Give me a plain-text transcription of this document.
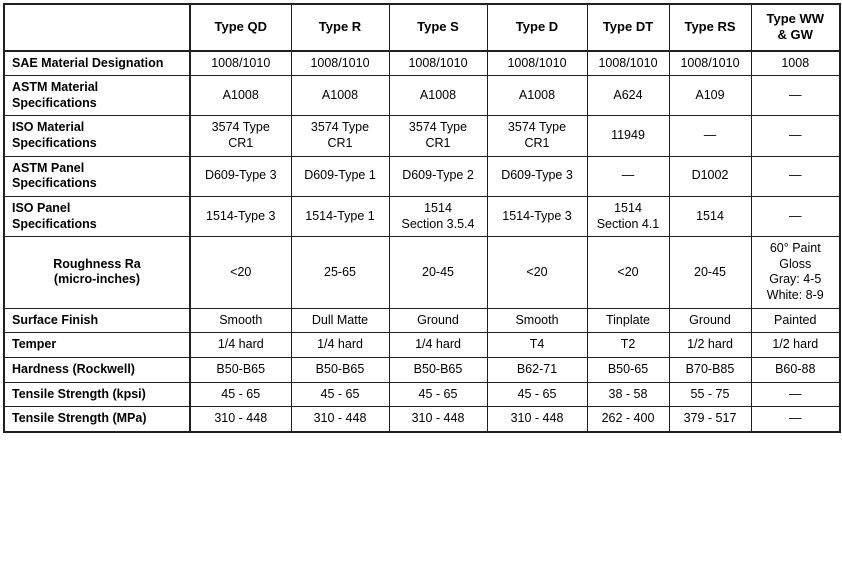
	Type QD	Type R	Type S	Type D	Type DT	Type RS	Type WW
& GW

SAE Material Designation	1008/1010	1008/1010	1008/1010	1008/1010	1008/1010	1008/1010	1008

ASTM Material
Specifications	A1008	A1008	A1008	A1008	A624	A109	—

ISO Material
Specifications	3574 Type
CR1	3574 Type
CR1	3574 Type
CR1	3574 Type
CR1	11949	—	—

ASTM Panel
Specifications	D609-Type 3	D609-Type 1	D609-Type 2	D609-Type 3	—	D1002	—

ISO Panel
Specifications	1514-Type 3	1514-Type 1	1514
Section 3.5.4	1514-Type 3	1514
Section 4.1	1514	—

Roughness Ra
(micro-inches)	<20	25-65	20-45	<20	<20	20-45	60° Paint
Gloss
Gray: 4-5
White: 8-9

Surface Finish	Smooth	Dull Matte	Ground	Smooth	Tinplate	Ground	Painted

Temper	1/4 hard	1/4 hard	1/4 hard	T4	T2	1/2 hard	1/2 hard

Hardness (Rockwell)	B50-B65	B50-B65	B50-B65	B62-71	B50-65	B70-B85	B60-88

Tensile Strength (kpsi)	45 - 65	45 - 65	45 - 65	45 - 65	38 - 58	55 - 75	—

Tensile Strength (MPa)	310 - 448	310 - 448	310 - 448	310 - 448	262 - 400	379 - 517	—
